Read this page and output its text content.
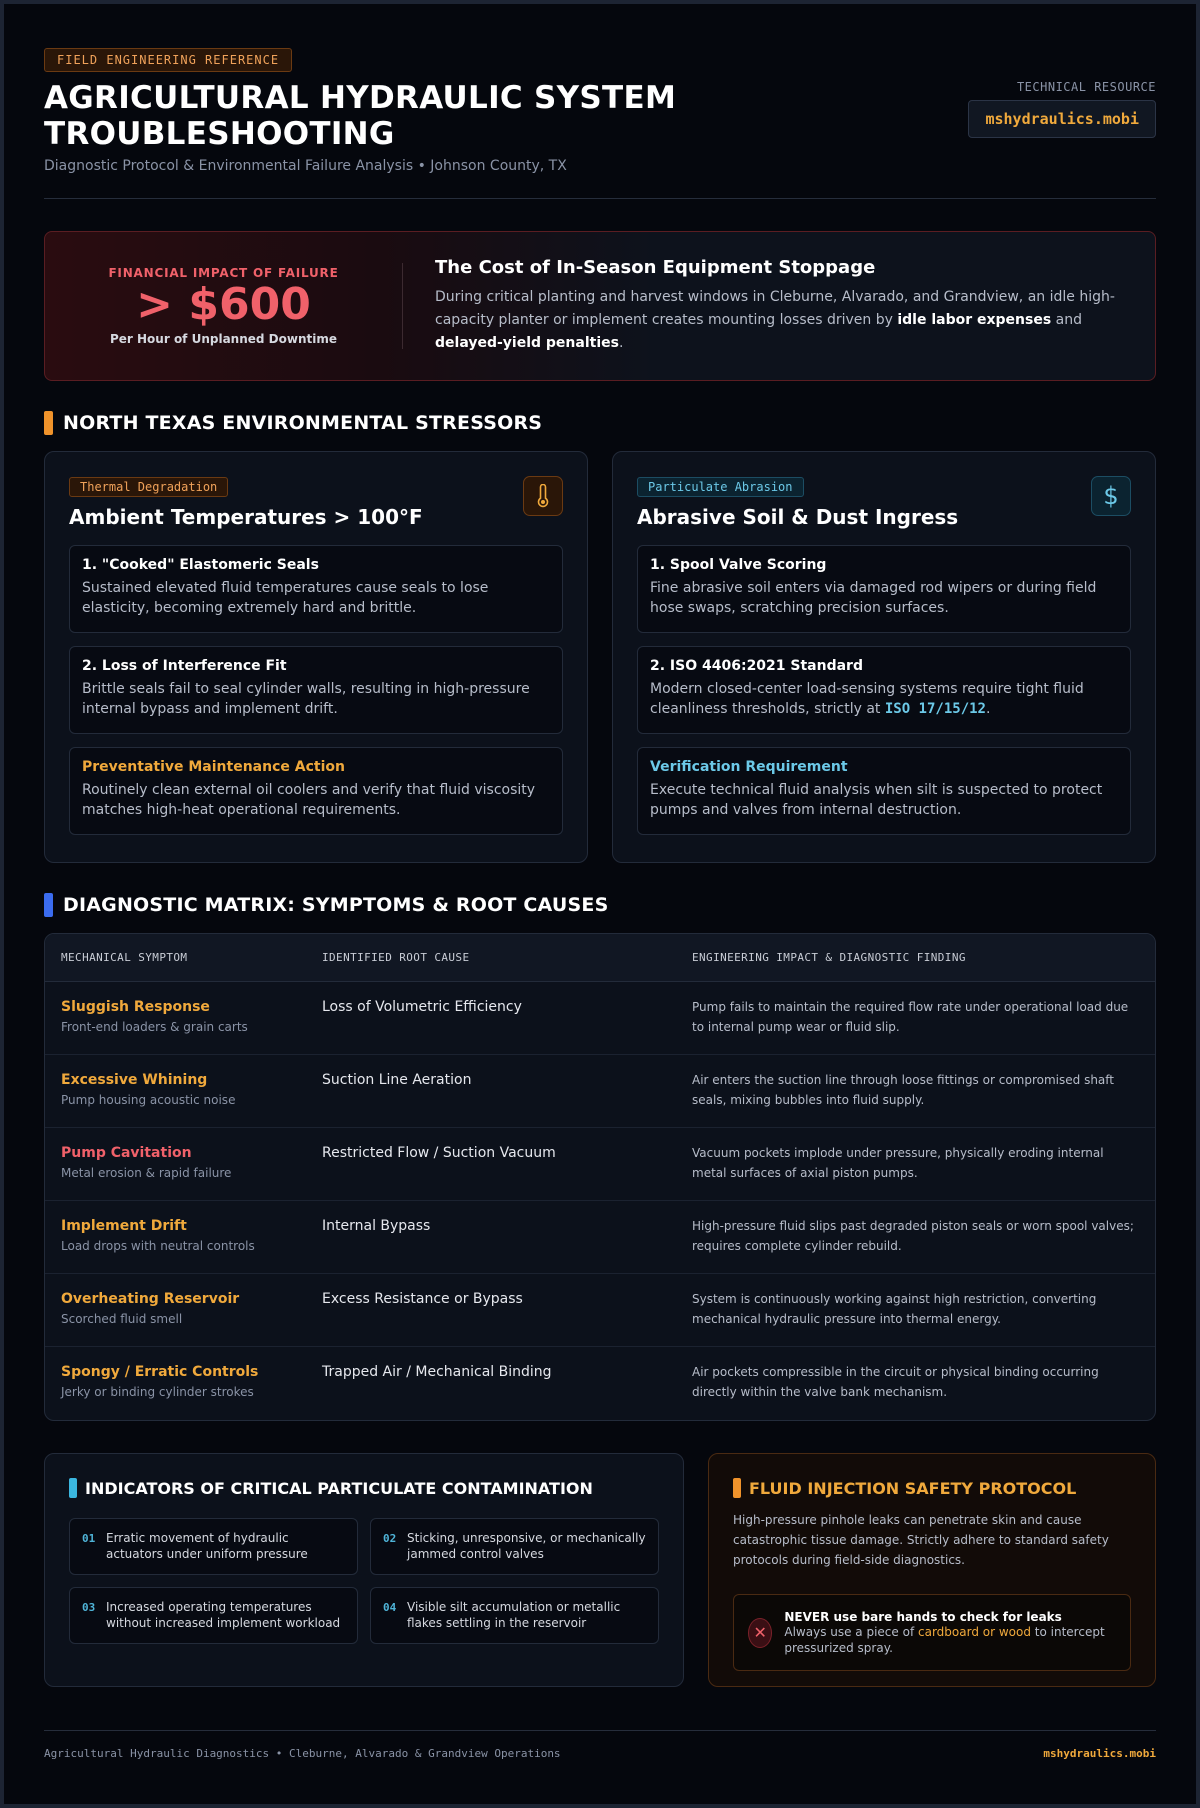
FIELD ENGINEERING REFERENCE
AGRICULTURAL HYDRAULIC SYSTEM TROUBLESHOOTING
Diagnostic Protocol & Environmental Failure Analysis • Johnson County, TX
TECHNICAL RESOURCE
mshydraulics.mobi
FINANCIAL IMPACT OF FAILURE
> $600
Per Hour of Unplanned Downtime
The Cost of In-Season Equipment Stoppage
During critical planting and harvest windows in Cleburne, Alvarado, and Grandview, an idle high-capacity planter or implement creates mounting losses driven by idle labor expenses and delayed-yield penalties.
NORTH TEXAS ENVIRONMENTAL STRESSORS
Thermal Degradation
Ambient Temperatures > 100°F
1. "Cooked" Elastomeric Seals
Sustained elevated fluid temperatures cause seals to lose elasticity, becoming extremely hard and brittle.
2. Loss of Interference Fit
Brittle seals fail to seal cylinder walls, resulting in high-pressure internal bypass and implement drift.
Preventative Maintenance Action
Routinely clean external oil coolers and verify that fluid viscosity matches high-heat operational requirements.
Particulate Abrasion	$
Abrasive Soil & Dust Ingress
1. Spool Valve Scoring
Fine abrasive soil enters via damaged rod wipers or during field hose swaps, scratching precision surfaces.
2. ISO 4406:2021 Standard
Modern closed-center load-sensing systems require tight fluid cleanliness thresholds, strictly at ISO 17/15/12.
Verification Requirement
Execute technical fluid analysis when silt is suspected to protect pumps and valves from internal destruction.
DIAGNOSTIC MATRIX: SYMPTOMS & ROOT CAUSES
MECHANICAL SYMPTOM	IDENTIFIED ROOT CAUSE	ENGINEERING IMPACT & DIAGNOSTIC FINDING
Sluggish Response
Front-end loaders & grain carts
Loss of Volumetric Efficiency	Pump fails to maintain the required flow rate under operational load due to internal pump wear or fluid slip.
Excessive Whining
Pump housing acoustic noise
Suction Line Aeration	Air enters the suction line through loose fittings or compromised shaft seals, mixing bubbles into fluid supply.
Pump Cavitation
Metal erosion & rapid failure
Restricted Flow / Suction Vacuum	Vacuum pockets implode under pressure, physically eroding internal metal surfaces of axial piston pumps.
Implement Drift
Load drops with neutral controls
Internal Bypass	High-pressure fluid slips past degraded piston seals or worn spool valves; requires complete cylinder rebuild.
Overheating Reservoir
Scorched fluid smell
Excess Resistance or Bypass	System is continuously working against high restriction, converting mechanical hydraulic pressure into thermal energy.
Spongy / Erratic Controls
Jerky or binding cylinder strokes
Trapped Air / Mechanical Binding	Air pockets compressible in the circuit or physical binding occurring directly within the valve bank mechanism.
INDICATORS OF CRITICAL PARTICULATE CONTAMINATION
01 Erratic movement of hydraulic actuators under uniform pressure
02 Sticking, unresponsive, or mechanically jammed control valves
03 Increased operating temperatures without increased implement workload
04 Visible silt accumulation or metallic flakes settling in the reservoir
FLUID INJECTION SAFETY PROTOCOL
High-pressure pinhole leaks can penetrate skin and cause catastrophic tissue damage. Strictly adhere to standard safety protocols during field-side diagnostics.
✕
NEVER use bare hands to check for leaks
Always use a piece of cardboard or wood to intercept pressurized spray.
Agricultural Hydraulic Diagnostics • Cleburne, Alvarado & Grandview Operations	mshydraulics.mobi
